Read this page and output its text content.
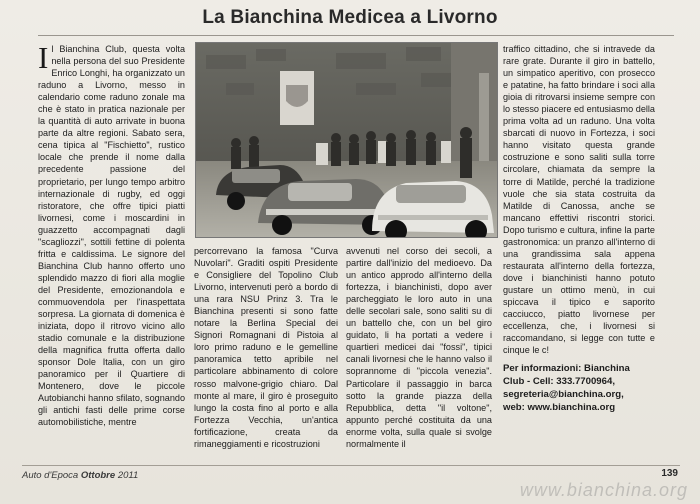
La Bianchina Medicea a Livorno

Il Bianchina Club, questa volta nella persona del suo Presidente Enrico Longhi, ha organizzato un raduno a Livorno, messo in calendario come raduno zonale ma che è stato in pratica nazionale per la quantità di auto arrivate in buona parte da altre regioni. Sabato sera, cena tipica al "Fischietto", rustico locale che prende il nome dalla precedente passione del proprietario, per lungo tempo arbitro internazionale di rugby, ed oggi ristoratore, che offre tipici piatti livornesi, come i moscardini in guazzetto accompagnati dagli "scagliozzi", sottili fettine di polenta fritta e caldissima. Le signore del Bianchina Club hanno offerto uno splendido mazzo di fiori alla moglie del Presidente, emozionandola e commuovendola per l'inaspettata sorpresa. La giornata di domenica è iniziata, dopo il ritrovo vicino allo stadio comunale e la distribuzione della magnifica frutta offerta dallo sponsor Dole Italia, con un giro panoramico per il Quartiere di Montenero, dove le piccole Autobianchi hanno sfilato, sognando gli antichi fasti delle prime corse automobilistiche, mentre

percorrevano la famosa "Curva Nuvolari". Graditi ospiti Presidente e Consigliere del Topolino Club Livorno, intervenuti però a bordo di una rara NSU Prinz 3. Tra le Bianchina presenti si sono fatte notare la Berlina Special dei Signori Romagnani di Pistoia al loro primo raduno e le gemelline panoramica tetto apribile nel particolare abbinamento di colore rosso malvone-grigio chiaro. Dal monte al mare, il giro è proseguito lungo la costa fino al porto e alla Fortezza Vecchia, un'antica fortificazione, creata da rimaneggiamenti e ricostruzioni

avvenuti nel corso dei secoli, a partire dall'inizio del medioevo. Da un antico approdo all'interno della fortezza, i bianchinisti, dopo aver parcheggiato le loro auto in una delle secolari sale, sono saliti su di un battello che, con un bel giro guidato, li ha portati a vedere i quartieri medicei dai "fossi", tipici canali livornesi che le hanno valso il soprannome di "piccola venezia". Particolare il passaggio in barca sotto la grande piazza della Repubblica, detta "il voltone", appunto perché costituita da una enorme volta, sulla quale si svolge normalmente il

traffico cittadino, che si intravede da rare grate. Durante il giro in battello, un simpatico aperitivo, con prosecco e patatine, ha fatto brindare i soci alla gioia di ritrovarsi insieme sempre con lo stesso piacere ed entusiasmo della prima volta ad un raduno. Una volta sbarcati di nuovo in Fortezza, i soci hanno visitato questa grande costruzione e sono saliti sulla torre circolare, chiamata da sempre la torre di Matilde, perché la tradizione vuole che sia stata costruita da Matilde di Canossa, anche se mancano effettivi riscontri storici. Dopo turismo e cultura, infine la parte gastronomica: un pranzo all'interno di una grandissima sala appena restaurata all'interno della fortezza, dove i bianchinisti hanno potuto gustare un ottimo menù, in cui spiccava il tipico e saporito cacciucco, piatto livornese per eccellenza, che, i livornesi si raccomandano, si legge con tutte e cinque le c!

Per informazioni: Bianchina
Club - Cell: 333.7700964,
segreteria@bianchina.org,
web: www.bianchina.org
Auto d'Epoca Ottobre 2011	139
www.bianchina.org
